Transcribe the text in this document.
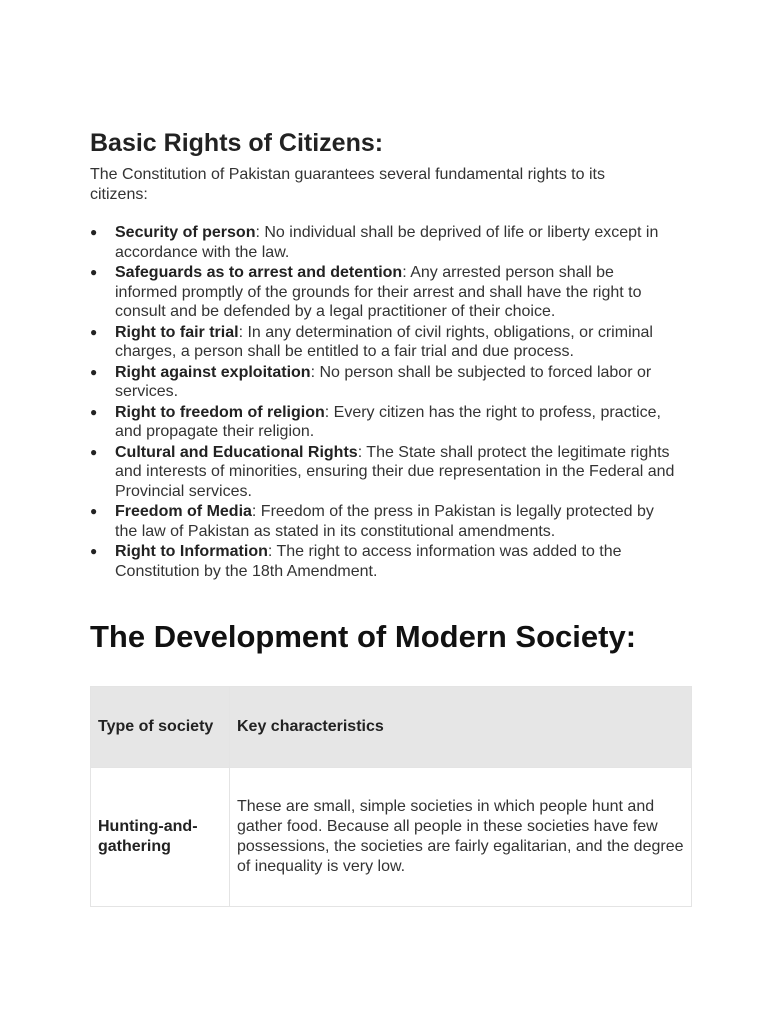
Basic Rights of Citizens:

The Constitution of Pakistan guarantees several fundamental rights to its citizens:

● Security of person: No individual shall be deprived of life or liberty except in accordance with the law.
● Safeguards as to arrest and detention: Any arrested person shall be informed promptly of the grounds for their arrest and shall have the right to consult and be defended by a legal practitioner of their choice.
● Right to fair trial: In any determination of civil rights, obligations, or criminal charges, a person shall be entitled to a fair trial and due process.
● Right against exploitation: No person shall be subjected to forced labor or services.
● Right to freedom of religion: Every citizen has the right to profess, practice, and propagate their religion.
● Cultural and Educational Rights: The State shall protect the legitimate rights and interests of minorities, ensuring their due representation in the Federal and Provincial services.
● Freedom of Media: Freedom of the press in Pakistan is legally protected by the law of Pakistan as stated in its constitutional amendments.
● Right to Information: The right to access information was added to the Constitution by the 18th Amendment.
The Development of Modern Society:
Type of society	Key characteristics
Hunting-and-gathering	These are small, simple societies in which people hunt and gather food. Because all people in these societies have few possessions, the societies are fairly egalitarian, and the degree of inequality is very low.
